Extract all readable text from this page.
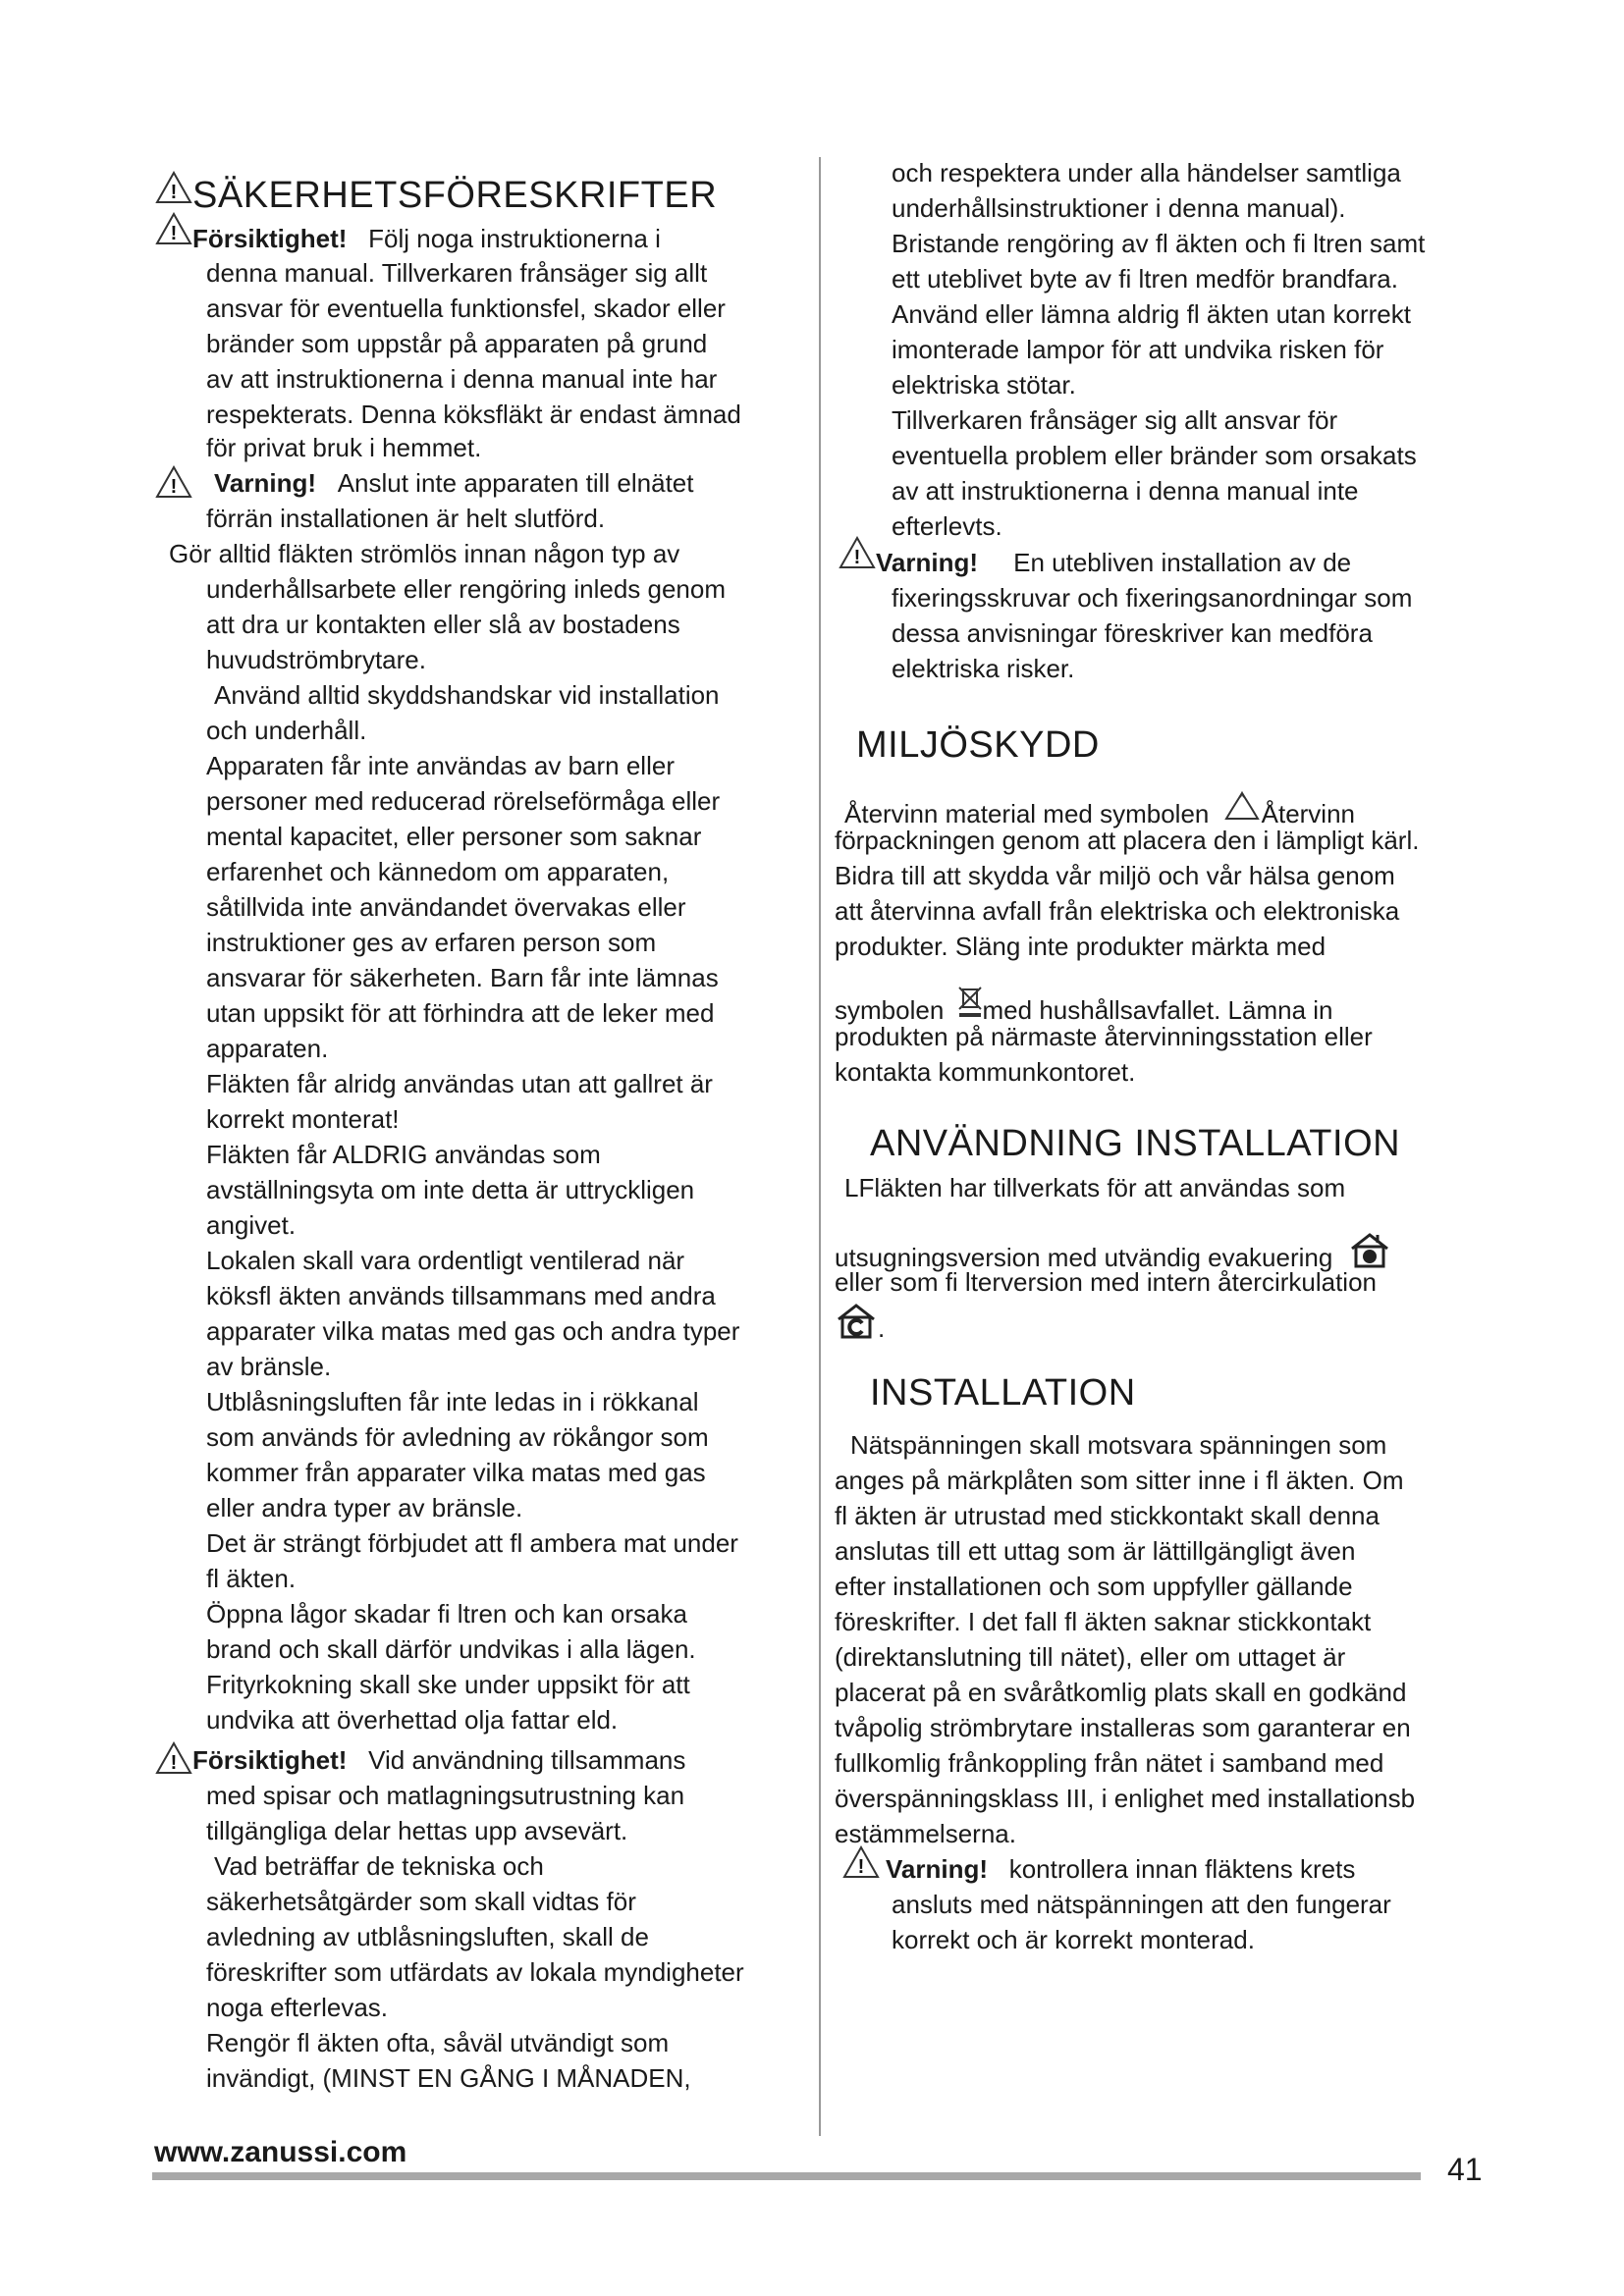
! SÄKERHETSFÖRESKRIFTER
! Försiktighet! Följ noga instruktionerna i
denna manual. Tillverkaren frånsäger sig allt
ansvar för eventuella funktionsfel, skador eller
bränder som uppstår på apparaten på grund
av att instruktionerna i denna manual inte har
respekterats. Denna köksfläkt är endast ämnad
för privat bruk i hemmet.
! Varning! Anslut inte apparaten till elnätet
förrän installationen är helt slutförd.
Gör alltid fläkten strömlös innan någon typ av
underhållsarbete eller rengöring inleds genom
att dra ur kontakten eller slå av bostadens
huvudströmbrytare.
Använd alltid skyddshandskar vid installation
och underhåll.
Apparaten får inte användas av barn eller
personer med reducerad rörelseförmåga eller
mental kapacitet, eller personer som saknar
erfarenhet och kännedom om apparaten,
såtillvida inte användandet övervakas eller
instruktioner ges av erfaren person som
ansvarar för säkerheten. Barn får inte lämnas
utan uppsikt för att förhindra att de leker med
apparaten.
Fläkten får alridg användas utan att gallret är
korrekt monterat!
Fläkten får ALDRIG användas som
avställningsyta om inte detta är uttryckligen
angivet.
Lokalen skall vara ordentligt ventilerad när
köksfl äkten används tillsammans med andra
apparater vilka matas med gas och andra typer
av bränsle.
Utblåsningsluften får inte ledas in i rökkanal
som används för avledning av rökångor som
kommer från apparater vilka matas med gas
eller andra typer av bränsle.
Det är strängt förbjudet att fl ambera mat under
fl äkten.
Öppna lågor skadar fi ltren och kan orsaka
brand och skall därför undvikas i alla lägen.
Frityrkokning skall ske under uppsikt för att
undvika att överhettad olja fattar eld.
! Försiktighet! Vid användning tillsammans
med spisar och matlagningsutrustning kan
tillgängliga delar hettas upp avsevärt.
Vad beträffar de tekniska och
säkerhetsåtgärder som skall vidtas för
avledning av utblåsningsluften, skall de
föreskrifter som utfärdats av lokala myndigheter
noga efterlevas.
Rengör fl äkten ofta, såväl utvändigt som
invändigt, (MINST EN GÅNG I MÅNADEN,
och respektera under alla händelser samtliga
underhållsinstruktioner i denna manual).
Bristande rengöring av fl äkten och fi ltren samt
ett uteblivet byte av fi ltren medför brandfara.
Använd eller lämna aldrig fl äkten utan korrekt
imonterade lampor för att undvika risken för
elektriska stötar.
Tillverkaren frånsäger sig allt ansvar för
eventuella problem eller bränder som orsakats
av att instruktionerna i denna manual inte
efterlevts.
! Varning! En utebliven installation av de
fixeringsskruvar och fixeringsanordningar som
dessa anvisningar föreskriver kan medföra
elektriska risker.
MILJÖSKYDD
Återvinn material med symbolen Återvinn
förpackningen genom att placera den i lämpligt kärl.
Bidra till att skydda vår miljö och vår hälsa genom
att återvinna avfall från elektriska och elektroniska
produkter. Släng inte produkter märkta med
symbolen med hushållsavfallet. Lämna in
produkten på närmaste återvinningsstation eller
kontakta kommunkontoret.
ANVÄNDNING INSTALLATION
LFläkten har tillverkats för att användas som
utsugningsversion med utvändig evakuering
eller som fi lterversion med intern återcirkulation
.
INSTALLATION
Nätspänningen skall motsvara spänningen som
anges på märkplåten som sitter inne i fl äkten. Om
fl äkten är utrustad med stickkontakt skall denna
anslutas till ett uttag som är lättillgängligt även
efter installationen och som uppfyller gällande
föreskrifter. I det fall fl äkten saknar stickkontakt
(direktanslutning till nätet), eller om uttaget är
placerat på en svåråtkomlig plats skall en godkänd
tvåpolig strömbrytare installeras som garanterar en
fullkomlig frånkoppling från nätet i samband med
överspänningsklass III, i enlighet med installationsb
estämmelserna.
! Varning! kontrollera innan fläktens krets
ansluts med nätspänningen att den fungerar
korrekt och är korrekt monterad.
www.zanussi.com	41
